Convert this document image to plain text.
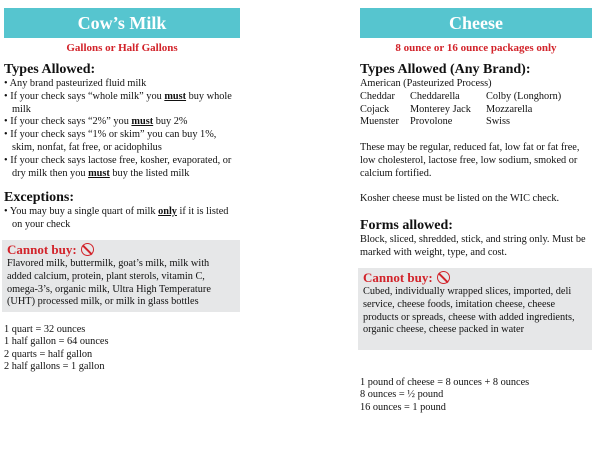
Cow’s Milk
Gallons or Half Gallons
Types Allowed:
• Any brand pasteurized fluid milk
• If your check says “whole milk” you must buy whole milk
• If your check says “2%” you must buy 2%
• If your check says “1% or skim” you can buy 1%, skim, nonfat, fat free, or acidophilus
• If your check says lactose free, kosher, evaporated, or dry milk then you must buy the listed milk
Exceptions:
• You may buy a single quart of milk only if it is listed on your check
Cannot buy:
Flavored milk, buttermilk, goat’s milk, milk with added calcium, protein, plant sterols, vitamin C, omega-3’s, organic milk, Ultra High Temperature (UHT) processed milk, or milk in glass bottles
1 quart = 32 ounces
1 half gallon = 64 ounces
2 quarts = half gallon
2 half gallons = 1 gallon
Cheese
8 ounce or 16 ounce packages only
Types Allowed (Any Brand):
American (Pasteurized Process)
Cheddar	Cheddarella	Colby (Longhorn)
Cojack	Monterey Jack	Mozzarella
Muenster	Provolone	Swiss
These may be regular, reduced fat, low fat or fat free, low cholesterol, lactose free, low sodium, smoked or calcium fortified.
Kosher cheese must be listed on the WIC check.
Forms allowed:
Block, sliced, shredded, stick, and string only. Must be marked with weight, type, and cost.
Cannot buy:
Cubed, individually wrapped slices, imported, deli service, cheese foods, imitation cheese, cheese products or spreads, cheese with added ingredients, organic cheese, cheese packed in water
1 pound of cheese = 8 ounces + 8 ounces
8 ounces = ½ pound
16 ounces = 1 pound
